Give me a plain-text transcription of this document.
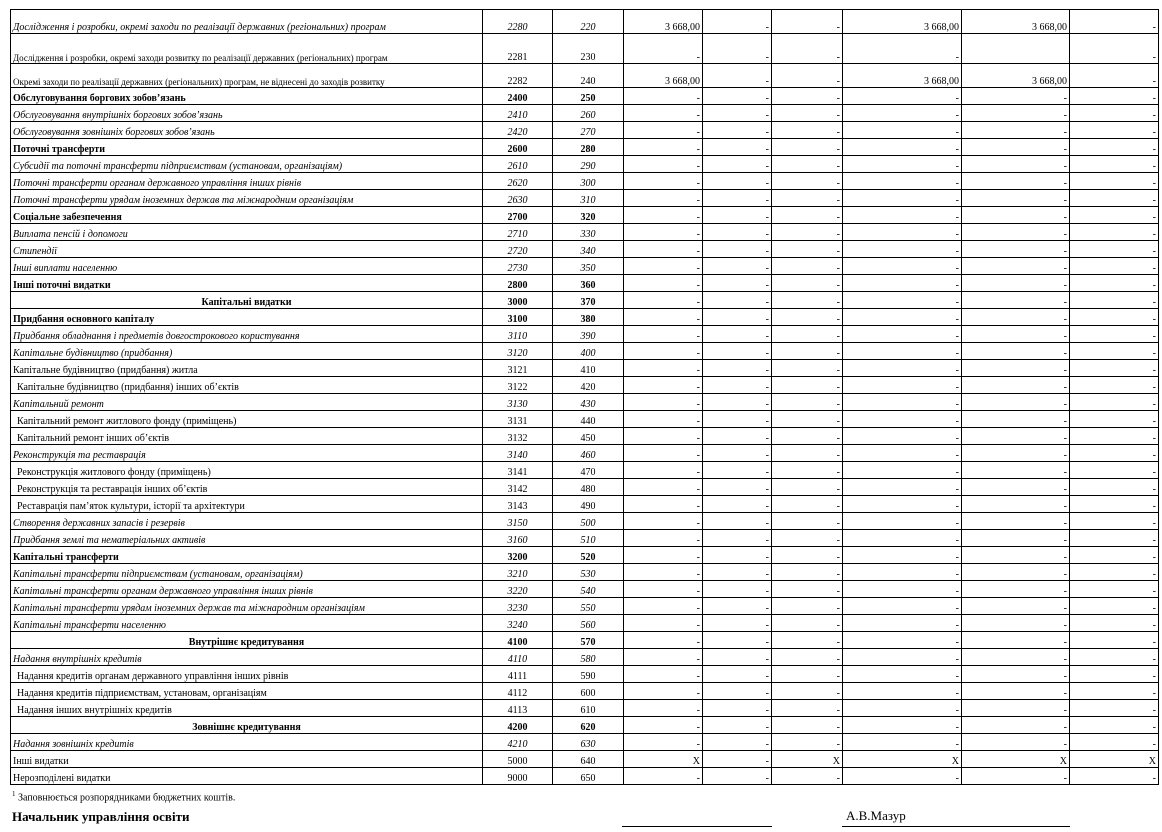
Дослідження і розробки, окремі заходи по реалізації державних (регіональних) програм	2280	220	3 668,00	-	-	3 668,00	3 668,00	-
Дослідження і розробки, окремі заходи розвитку по реалізації державних (регіональних) програм	2281	230	-	-	-	-		-
Окремі заходи по реалізації державних (регіональних) програм, не віднесені до заходів розвитку	2282	240	3 668,00	-	-	3 668,00	3 668,00	-
Обслуговування боргових зобов’язань	2400	250	-	-	-	-	-	-
Обслуговування внутрішніх боргових зобов’язань	2410	260	-	-	-	-	-	-
Обслуговування зовнішніх боргових зобов’язань	2420	270	-	-	-	-	-	-
Поточні трансферти	2600	280	-	-	-	-	-	-
Субсидії та поточні трансферти підприємствам (установам, організаціям)	2610	290	-	-	-	-	-	-
Поточні трансферти органам державного управління інших рівнів	2620	300	-	-	-	-	-	-
Поточні трансферти урядам іноземних держав та міжнародним організаціям	2630	310	-	-	-	-	-	-
Соціальне забезпечення	2700	320	-	-	-	-	-	-
Виплата пенсій і допомоги	2710	330	-	-	-	-	-	-
Стипендії	2720	340	-	-	-	-	-	-
Інші виплати населенню	2730	350	-	-	-	-	-	-
Інші поточні видатки	2800	360	-	-	-	-	-	-
Капітальні видатки	3000	370	-	-	-	-	-	-
Придбання основного капіталу	3100	380	-	-	-	-	-	-
Придбання обладнання і предметів довгострокового користування	3110	390	-	-	-	-	-	-
Капітальне будівництво (придбання)	3120	400	-	-	-	-	-	-
Капітальне будівництво (придбання) житла	3121	410	-	-	-	-	-	-
Капітальне будівництво (придбання) інших об’єктів	3122	420	-	-	-	-	-	-
Капітальний ремонт	3130	430	-	-	-	-	-	-
Капітальний ремонт житлового фонду (приміщень)	3131	440	-	-	-	-	-	-
Капітальний ремонт інших об’єктів	3132	450	-	-	-	-	-	-
Реконструкція та реставрація	3140	460	-	-	-	-	-	-
Реконструкція житлового фонду (приміщень)	3141	470	-	-	-	-	-	-
Реконструкція та реставрація інших об’єктів	3142	480	-	-	-	-	-	-
Реставрація пам’яток культури, історії та архітектури	3143	490	-	-	-	-	-	-
Створення державних запасів і резервів	3150	500	-	-	-	-	-	-
Придбання землі та нематеріальних активів	3160	510	-	-	-	-	-	-
Капітальні трансферти	3200	520	-	-	-	-	-	-
Капітальні трансферти підприємствам (установам, організаціям)	3210	530	-	-	-	-	-	-
Капітальні трансферти органам державного управління інших рівнів	3220	540	-	-	-	-	-	-
Капітальні трансферти урядам іноземних держав та міжнародним організаціям	3230	550	-	-	-	-	-	-
Капітальні трансферти населенню	3240	560	-	-	-	-	-	-
Внутрішнє кредитування	4100	570	-	-	-	-	-	-
Надання внутрішніх кредитів	4110	580	-	-	-	-	-	-
Надання кредитів органам державного управління інших рівнів	4111	590	-	-	-	-	-	-
Надання кредитів підприємствам, установам, організаціям	4112	600	-	-	-	-	-	-
Надання інших внутрішніх кредитів	4113	610	-	-	-	-	-	-
Зовнішнє кредитування	4200	620	-	-	-	-	-	-
Надання зовнішніх кредитів	4210	630	-	-	-	-	-	-
Інші видатки	5000	640	X	-	X	X	X	X
Нерозподілені видатки	9000	650	-	-	-	-	-	-
$^1$ Заповнюється розпорядниками бюджетних коштів.
Начальник управління освіти	А.В.Мазур
